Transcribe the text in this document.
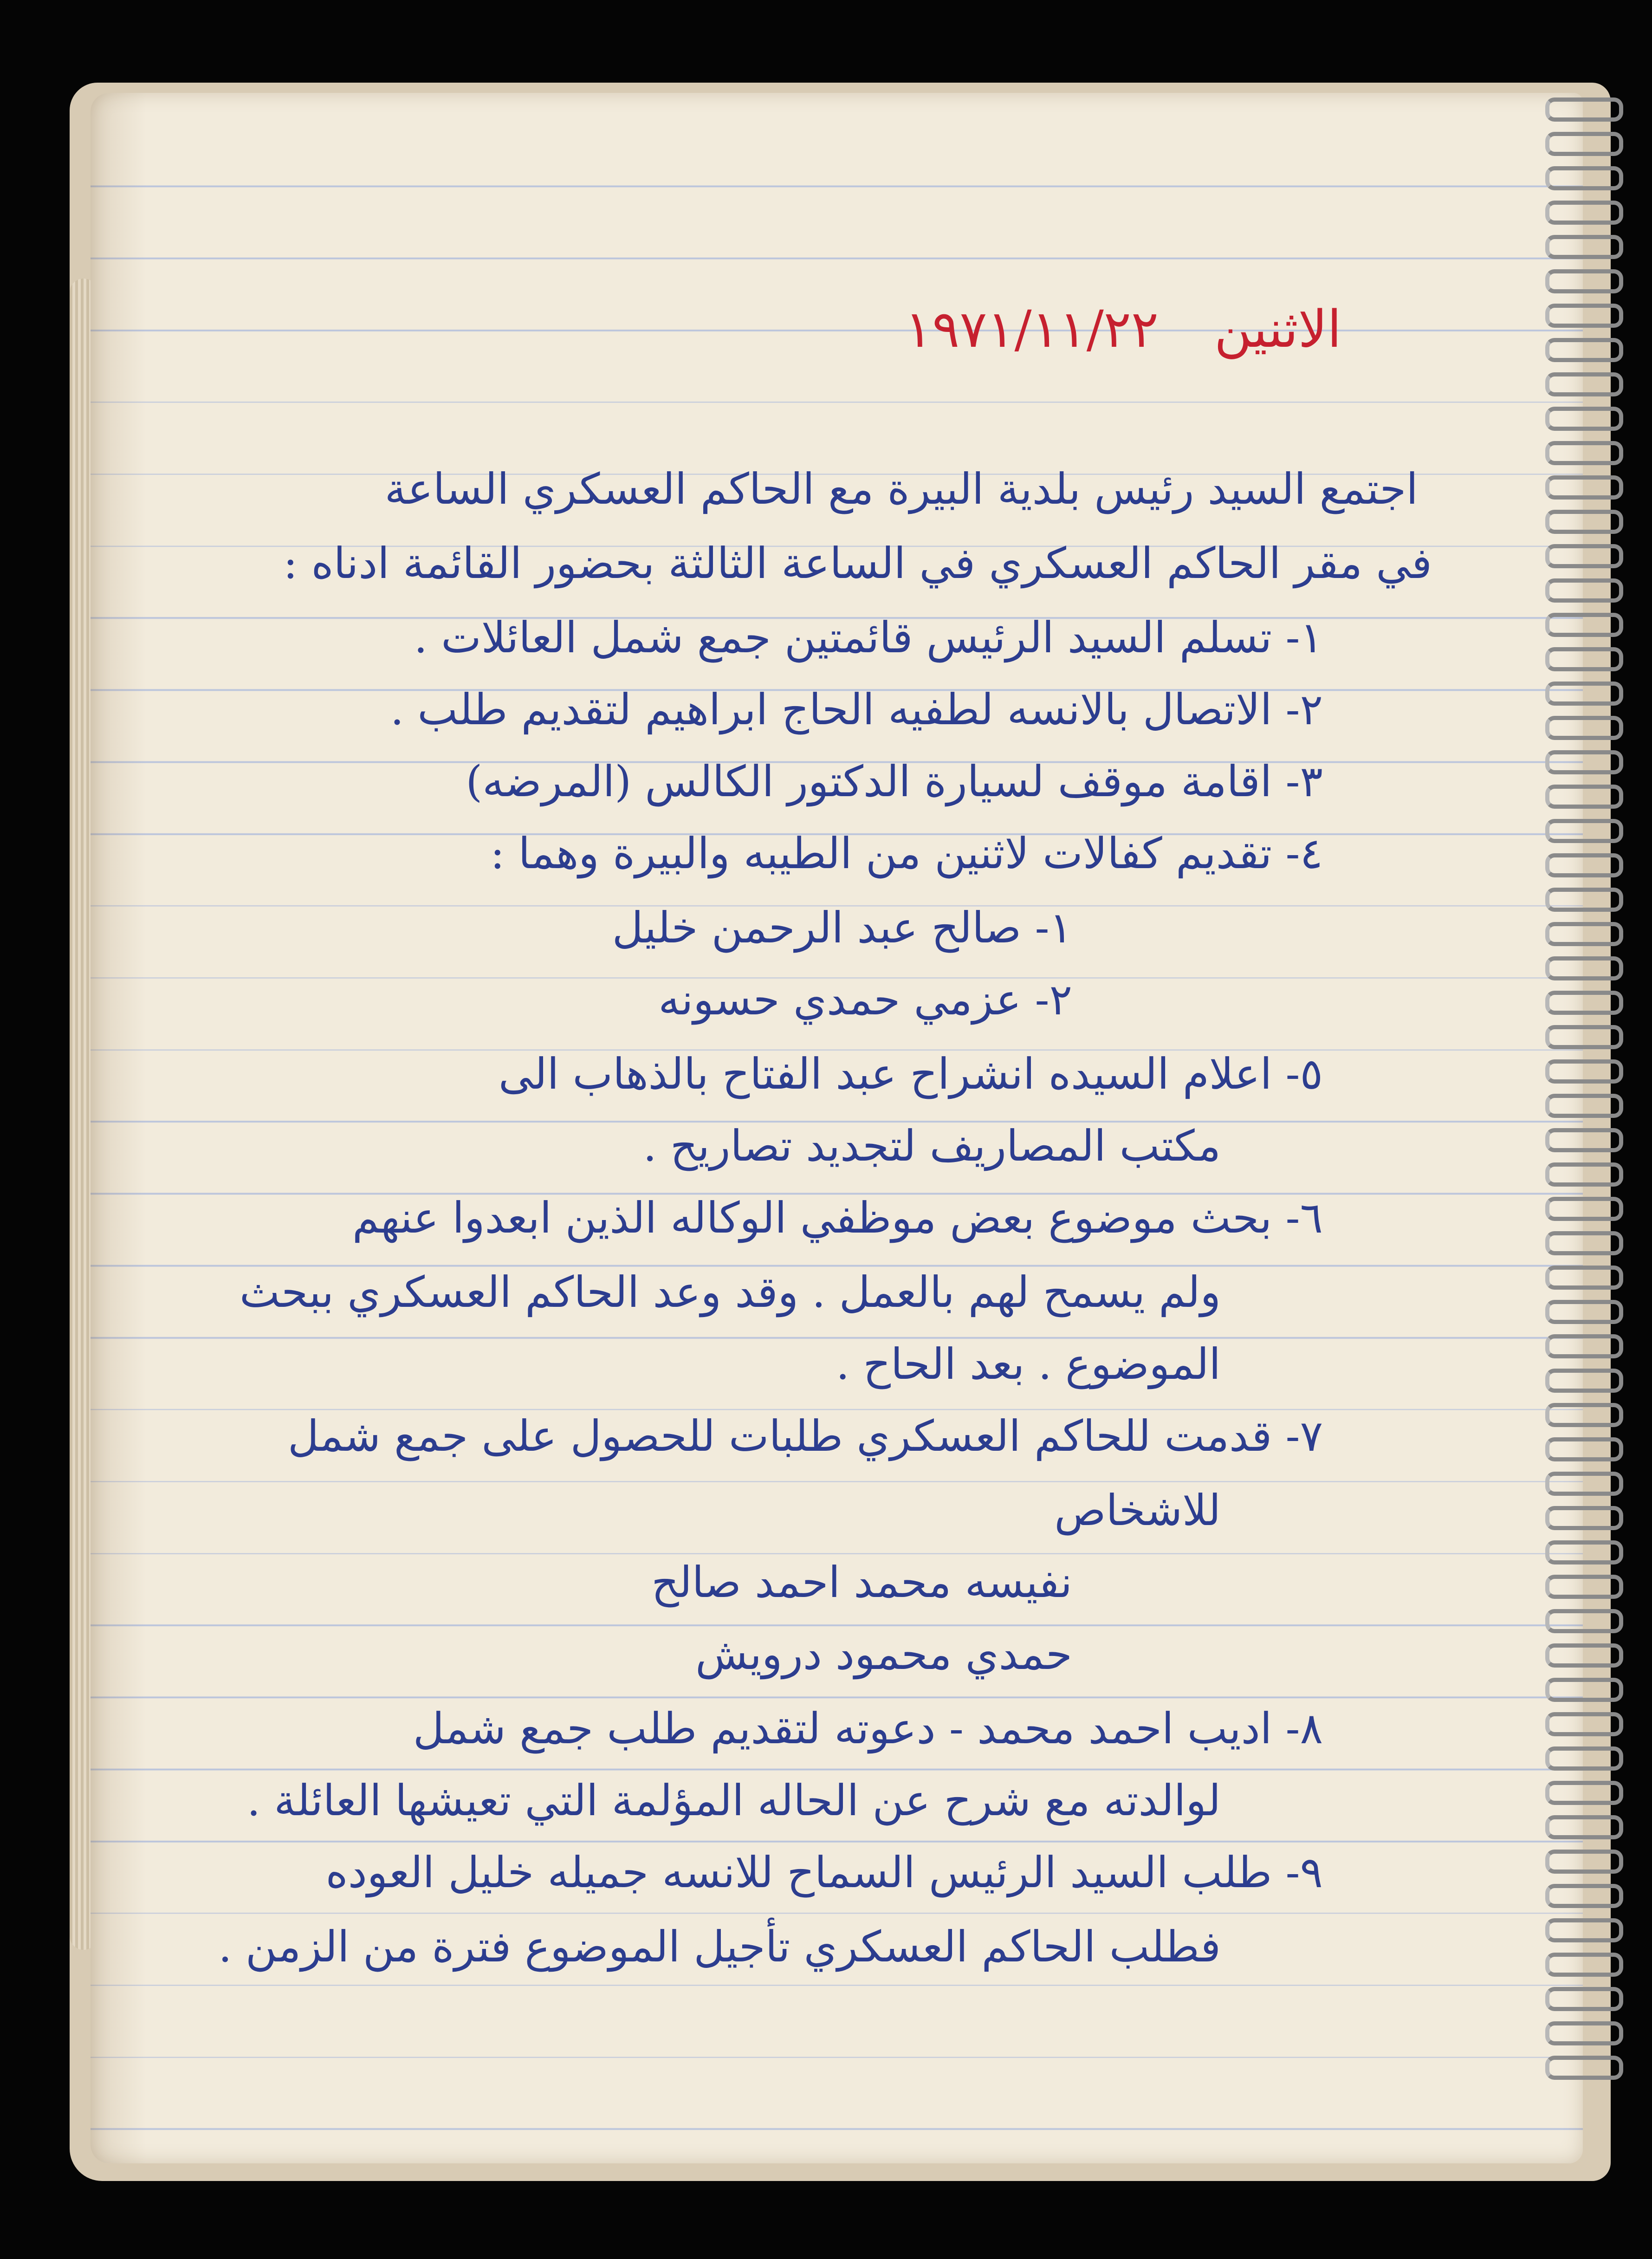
الاثنين١٩٧١/١١/٢٢
اجتمع السيد رئيس بلدية البيرة مع الحاكم العسكري الساعة
في مقر الحاكم العسكري في الساعة الثالثة بحضور القائمة ادناه :
١- تسلم السيد الرئيس قائمتين جمع شمل العائلات .
٢- الاتصال بالانسه لطفيه الحاج ابراهيم لتقديم طلب .
٣- اقامة موقف لسيارة الدكتور الكالس (المرضه)
٤- تقديم كفالات لاثنين من الطيبه والبيرة وهما :
١- صالح عبد الرحمن خليل
٢- عزمي حمدي حسونه
٥- اعلام السيده انشراح عبد الفتاح بالذهاب الى
مكتب المصاريف لتجديد تصاريح .
٦- بحث موضوع بعض موظفي الوكاله الذين ابعدوا عنهم
ولم يسمح لهم بالعمل . وقد وعد الحاكم العسكري ببحث
الموضوع . بعد الحاح .
٧- قدمت للحاكم العسكري طلبات للحصول على جمع شمل
للاشخاص
نفيسه محمد احمد صالح
حمدي محمود درويش
٨- اديب احمد محمد - دعوته لتقديم طلب جمع شمل
لوالدته مع شرح عن الحاله المؤلمة التي تعيشها العائلة .
٩- طلب السيد الرئيس السماح للانسه جميله خليل العوده
فطلب الحاكم العسكري تأجيل الموضوع فترة من الزمن .
